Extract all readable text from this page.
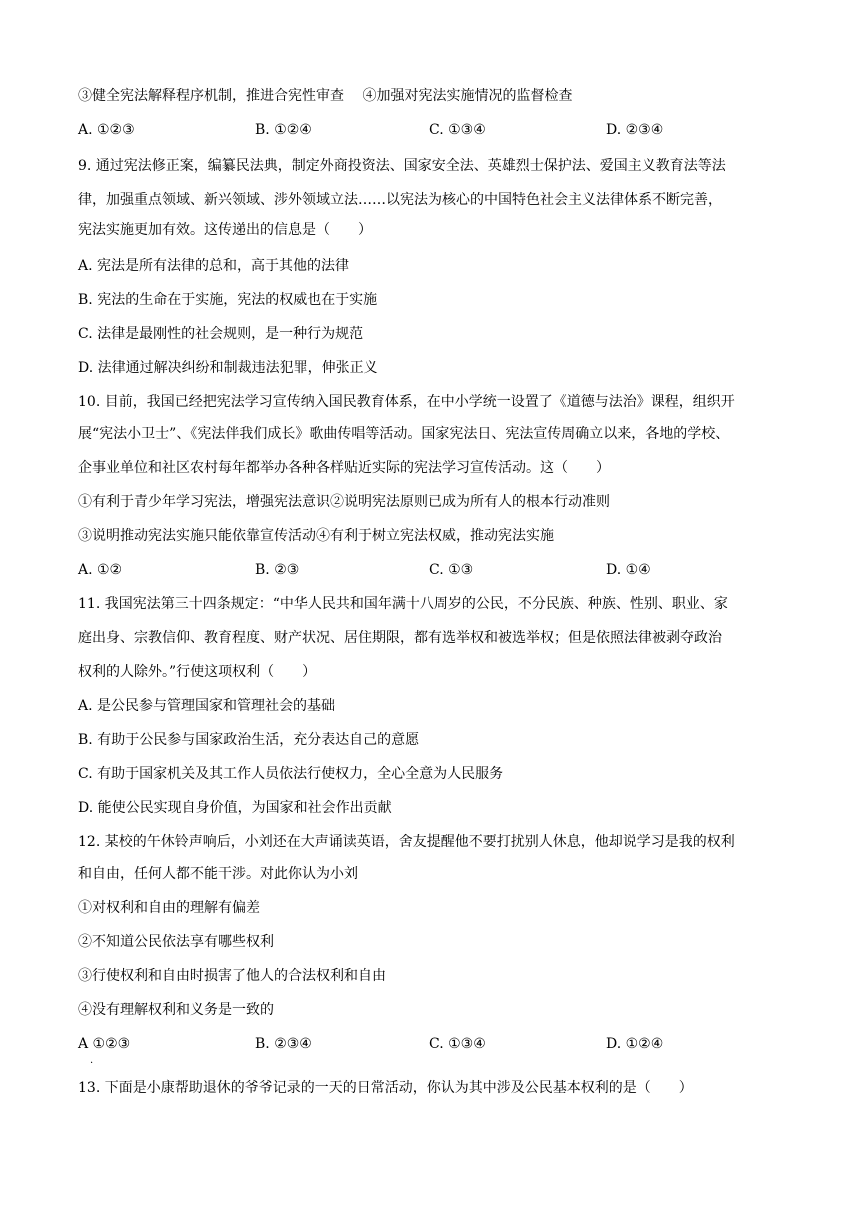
③健全宪法解释程序机制，推进合宪性审查　 ④加强对宪法实施情况的监督检查
A. ①②③	B. ①②④	C. ①③④	D. ②③④
9. 通过宪法修正案，编纂民法典，制定外商投资法、国家安全法、英雄烈士保护法、爱国主义教育法等法
律，加强重点领域、新兴领域、涉外领域立法……以宪法为核心的中国特色社会主义法律体系不断完善，
宪法实施更加有效。这传递出的信息是（　　）
A. 宪法是所有法律的总和，高于其他的法律
B. 宪法的生命在于实施，宪法的权威也在于实施
C. 法律是最刚性的社会规则，是一种行为规范
D. 法律通过解决纠纷和制裁违法犯罪，伸张正义
10. 目前，我国已经把宪法学习宣传纳入国民教育体系，在中小学统一设置了《道德与法治》课程，组织开
展“宪法小卫士”、《宪法伴我们成长》歌曲传唱等活动。国家宪法日、宪法宣传周确立以来，各地的学校、
企事业单位和社区农村每年都举办各种各样贴近实际的宪法学习宣传活动。这（　　）
①有利于青少年学习宪法，增强宪法意识②说明宪法原则已成为所有人的根本行动准则
③说明推动宪法实施只能依靠宣传活动④有利于树立宪法权威，推动宪法实施
A. ①②	B. ②③	C. ①③	D. ①④
11. 我国宪法第三十四条规定：“中华人民共和国年满十八周岁的公民，不分民族、种族、性别、职业、家
庭出身、宗教信仰、教育程度、财产状况、居住期限，都有选举权和被选举权；但是依照法律被剥夺政治
权利的人除外。”行使这项权利（　　）
A. 是公民参与管理国家和管理社会的基础
B. 有助于公民参与国家政治生活，充分表达自己的意愿
C. 有助于国家机关及其工作人员依法行使权力，全心全意为人民服务
D. 能使公民实现自身价值，为国家和社会作出贡献
12. 某校的午休铃声响后，小刘还在大声诵读英语，舍友提醒他不要打扰别人休息，他却说学习是我的权利
和自由，任何人都不能干涉。对此你认为小刘
①对权利和自由的理解有偏差
②不知道公民依法享有哪些权利
③行使权利和自由时损害了他人的合法权利和自由
④没有理解权利和义务是一致的
A ①②③	B. ②③④	C. ①③④	D. ①②④
.
13. 下面是小康帮助退休的爷爷记录的一天的日常活动，你认为其中涉及公民基本权利的是（　　）
